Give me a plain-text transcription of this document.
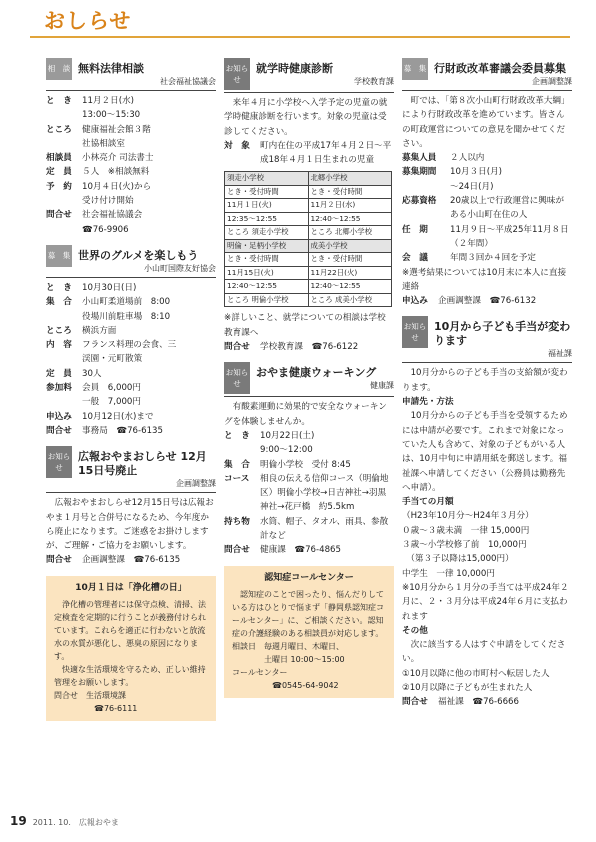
おしらせ
相　談 無料法律相談
社会福祉協議会
と　き	11月２日(水)
13:00～15:30
ところ	健康福祉会館３階
社協相談室
相談員	小林亮介 司法書士
定　員	５人　※相談無料
予　約	10月４日(火)から
受け付け開始
問合せ	社会福祉協議会
☎76-9906
募　集 世界のグルメを楽しもう
小山町国際友好協会
と　き	10月30日(日)
集　合	小山町柔道場前　8:00
役場川前駐車場　8:10
ところ	横浜方面
内　容	フランス料理の会食、三
渓園・元町散策
定　員	30人
参加料	会員　6,000円
一般　7,000円
申込み	10月12日(水)まで
問合せ	事務局　☎76-6135
お知らせ
広報おやまおしらせ 12月15日号廃止
企画調整課
広報おやまおしらせ12月15日号は広報おやま１月号と合併号になるため、今年度から廃止になります。ご迷惑をお掛けしますが、ご理解・ご協力をお願いします。
問合せ	企画調整課　☎76-6135
10月１日は「浄化槽の日」
浄化槽の管理者には保守点検、清掃、法定検査を定期的に行うことが義務付けられています。これらを適正に行わないと放流水の水質が悪化し、悪臭の原因になります。
快適な生活環境を守るため、正しい維持管理をお願いします。
問合せ　生活環境課
☎76-6111
お知らせ
就学時健康診断
学校教育課
来年４月に小学校へ入学予定の児童の就学時健康診断を行います。対象の児童は受診してください。
対　象	町内在住の平成17年４月２日～平成18年４月１日生まれの児童
須走小学校	北郷小学校
とき・受付時間	とき・受付時間
11月１日(火)	11月２日(水)
12:35～12:55	12:40～12:55
ところ 須走小学校	ところ 北郷小学校
明倫・足柄小学校	成美小学校
とき・受付時間	とき・受付時間
11月15日(火)	11月22日(火)
12:40～12:55	12:40～12:55
ところ 明倫小学校	ところ 成美小学校
※詳しいこと、就学についての相談は学校教育課へ
問合せ	学校教育課　☎76-6122
お知らせ
おやま健康ウォーキング
健康課
有酸素運動に効果的で安全なウォーキングを体験しませんか。
と　き	10月22日(土)
9:00～12:00
集　合	明倫小学校　受付 8:45
コース	相良の伝える信仰コース（明倫地区）明倫小学校→日吉神社→羽黒神社→花戸橋　約5.5km
持ち物	水筒、帽子、タオル、雨具、参散計など
問合せ	健康課　☎76-4865
認知症コールセンター
認知症のことで困ったり、悩んだりしている方はひとりで悩まず「静岡県認知症コールセンター」に、ご相談ください。認知症の介護経験のある相談員が対応します。
相談日　毎週月曜日、木曜日、
　　　　土曜日 10:00～15:00
コールセンター
☎0545-64-9042
募　集 行財政改革審議会委員募集
企画調整課
町では、「第８次小山町行財政改革大綱」により行財政改革を進めています。皆さんの町政運営についての意見を聞かせてください。
募集人員	２人以内
募集期間	10月３日(月)
～24日(月)
応募資格	20歳以上で行政運営に興味がある小山町在住の人
任　期	11月９日～平成25年11月８日（２年間）
会　議	年間３回か４回を予定
※選考結果については10月末に本人に直接連絡
申込み	企画調整課　☎76-6132
お知らせ
10月から子ども手当が変わります
福祉課
10月分からの子ども手当の支給額が変わります。
申請先・方法
10月分からの子ども手当を受領するためには申請が必要です。これまで対象になっていた人も含めて、対象の子どもがいる人は、10月中旬に申請用紙を郵送します。福祉課へ申請してください（公務員は勤務先へ申請）。
手当ての月額
（H23年10月分～H24年３月分）
０歳～３歳未満　一律 15,000円
３歳～小学校修了前　10,000円
　（第３子以降は15,000円）
中学生　一律 10,000円
※10月分から１月分の手当ては平成24年２月に、２・３月分は平成24年６月に支払われます
その他
次に該当する人はすぐ申請をしてください。
①10月以降に他の市町村へ転居した人
②10月以降に子どもが生まれた人
問合せ	福祉課　☎76-6666
19 2011. 10.　広報おやま
